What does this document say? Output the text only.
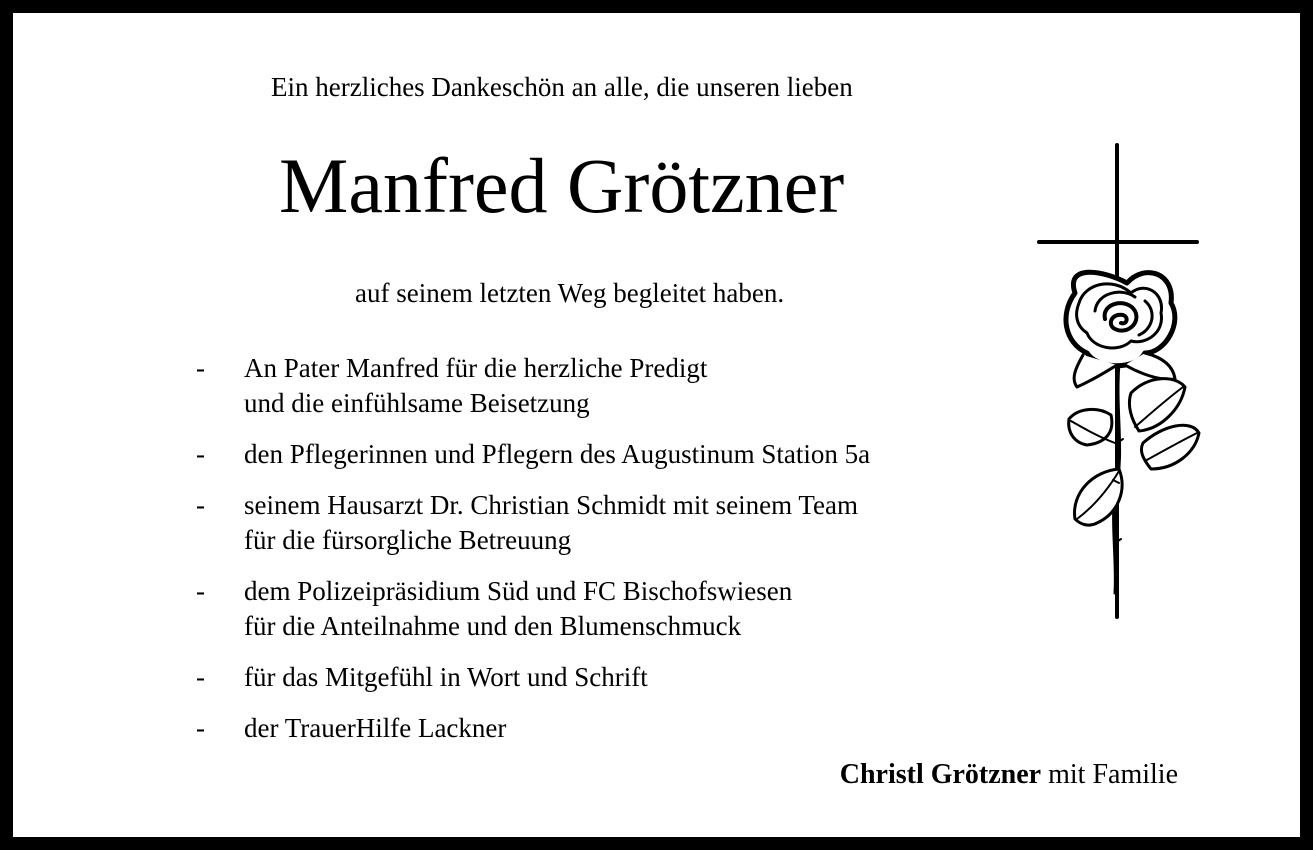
Ein herzliches Dankeschön an alle, die unseren lieben
Manfred Grötzner
auf seinem letzten Weg begleitet haben.
-	An Pater Manfred für die herzliche Predigt
und die einfühlsame Beisetzung
-	den Pflegerinnen und Pflegern des Augustinum Station 5a
-	seinem Hausarzt Dr. Christian Schmidt mit seinem Team
für die fürsorgliche Betreuung
-	dem Polizeipräsidium Süd und FC Bischofswiesen
für die Anteilnahme und den Blumenschmuck
-	für das Mitgefühl in Wort und Schrift
-	der TrauerHilfe Lackner
Christl Grötzner mit Familie
